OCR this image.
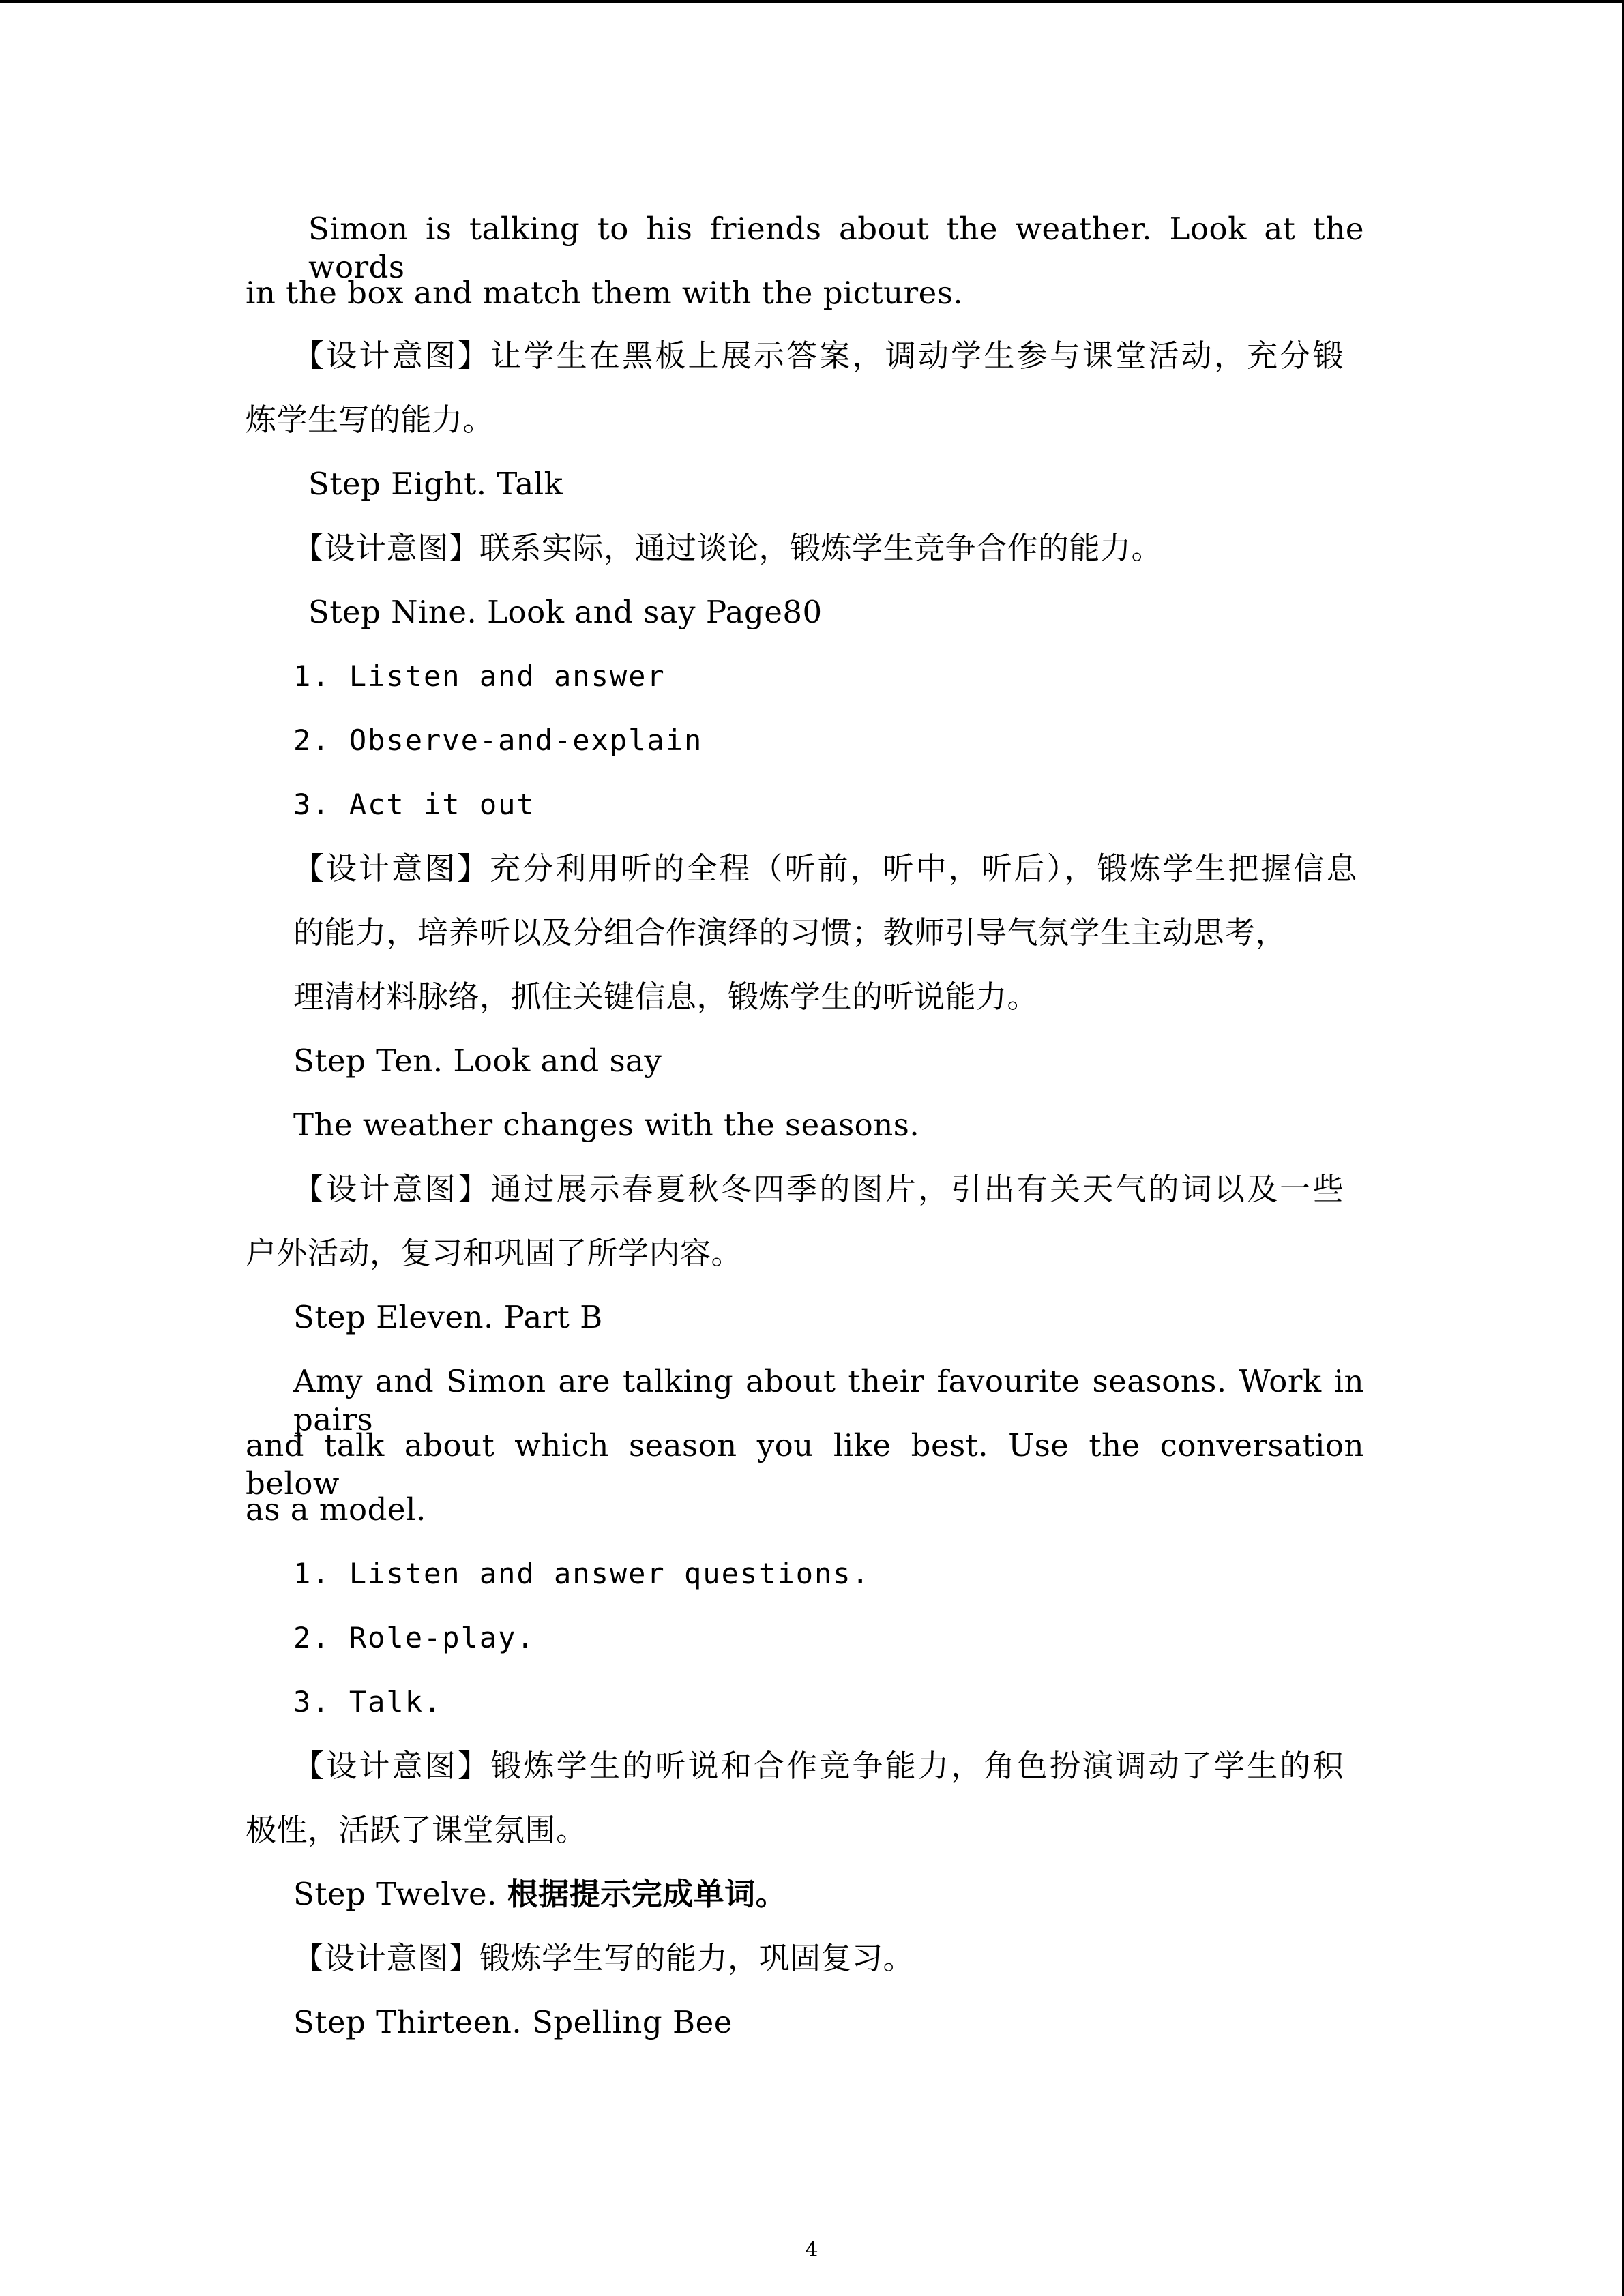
Simon is talking to his friends about the weather. Look at the words
in the box and match them with the pictures.
【设计意图】让学生在黑板上展示答案，调动学生参与课堂活动，充分锻
炼学生写的能力。
Step Eight. Talk
【设计意图】联系实际，通过谈论，锻炼学生竞争合作的能力。
Step Nine. Look and say Page80
1. Listen and answer
2. Observe-and-explain
3. Act it out
【设计意图】充分利用听的全程（听前，听中，听后），锻炼学生把握信息
的能力，培养听以及分组合作演绎的习惯；教师引导气氛学生主动思考，
理清材料脉络，抓住关键信息，锻炼学生的听说能力。
Step Ten. Look and say
The weather changes with the seasons.
【设计意图】通过展示春夏秋冬四季的图片，引出有关天气的词以及一些
户外活动，复习和巩固了所学内容。
Step Eleven. Part B
Amy and Simon are talking about their favourite seasons. Work in pairs
and talk about which season you like best. Use the conversation below
as a model.
1. Listen and answer questions.
2. Role-play.
3. Talk.
【设计意图】锻炼学生的听说和合作竞争能力，角色扮演调动了学生的积
极性，活跃了课堂氛围。
Step Twelve. 根据提示完成单词。
【设计意图】锻炼学生写的能力，巩固复习。
Step Thirteen. Spelling Bee
4
